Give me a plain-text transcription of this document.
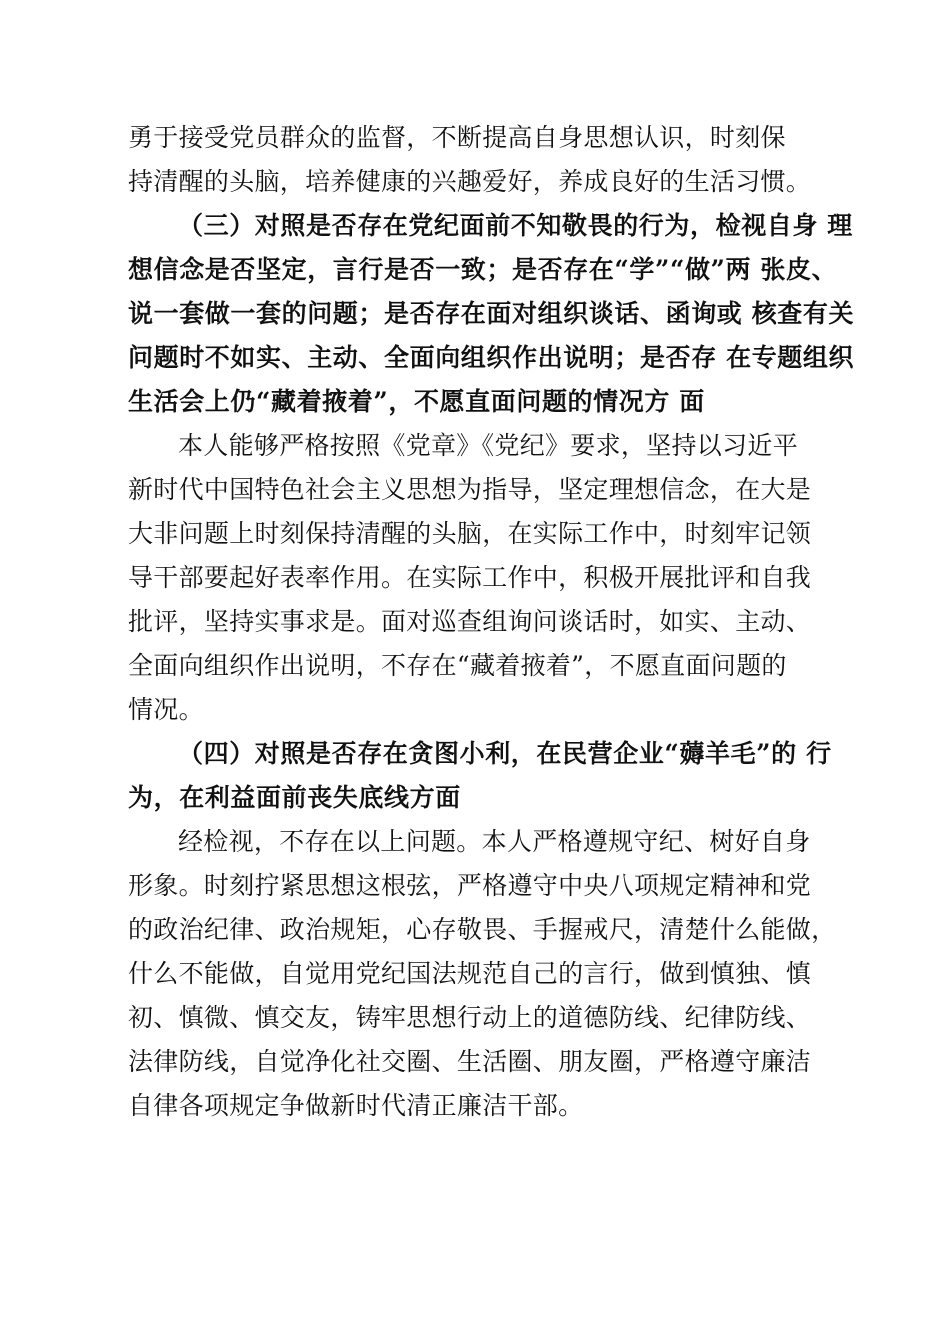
勇于接受党员群众的监督，不断提高自身思想认识，时刻保
持清醒的头脑，培养健康的兴趣爱好，养成良好的生活习惯。
（三）对照是否存在党纪面前不知敬畏的行为，检视自身 理
想信念是否坚定，言行是否一致；是否存在“学”“做”两 张皮、
说一套做一套的问题；是否存在面对组织谈话、函询或 核查有关
问题时不如实、主动、全面向组织作出说明；是否存 在专题组织
生活会上仍“藏着掖着”，不愿直面问题的情况方 面
本人能够严格按照《党章》《党纪》要求，坚持以习近平
新时代中国特色社会主义思想为指导，坚定理想信念，在大是
大非问题上时刻保持清醒的头脑，在实际工作中，时刻牢记领
导干部要起好表率作用。在实际工作中，积极开展批评和自我
批评，坚持实事求是。面对巡查组询问谈话时，如实、主动、
全面向组织作出说明，不存在“藏着掖着”，不愿直面问题的
情况。
（四）对照是否存在贪图小利，在民营企业“薅羊毛”的 行
为，在利益面前丧失底线方面
经检视，不存在以上问题。本人严格遵规守纪、树好自身
形象。时刻拧紧思想这根弦，严格遵守中央八项规定精神和党
的政治纪律、政治规矩，心存敬畏、手握戒尺，清楚什么能做，
什么不能做，自觉用党纪国法规范自己的言行，做到慎独、慎
初、慎微、慎交友，铸牢思想行动上的道德防线、纪律防线、
法律防线，自觉净化社交圈、生活圈、朋友圈，严格遵守廉洁
自律各项规定争做新时代清正廉洁干部。
